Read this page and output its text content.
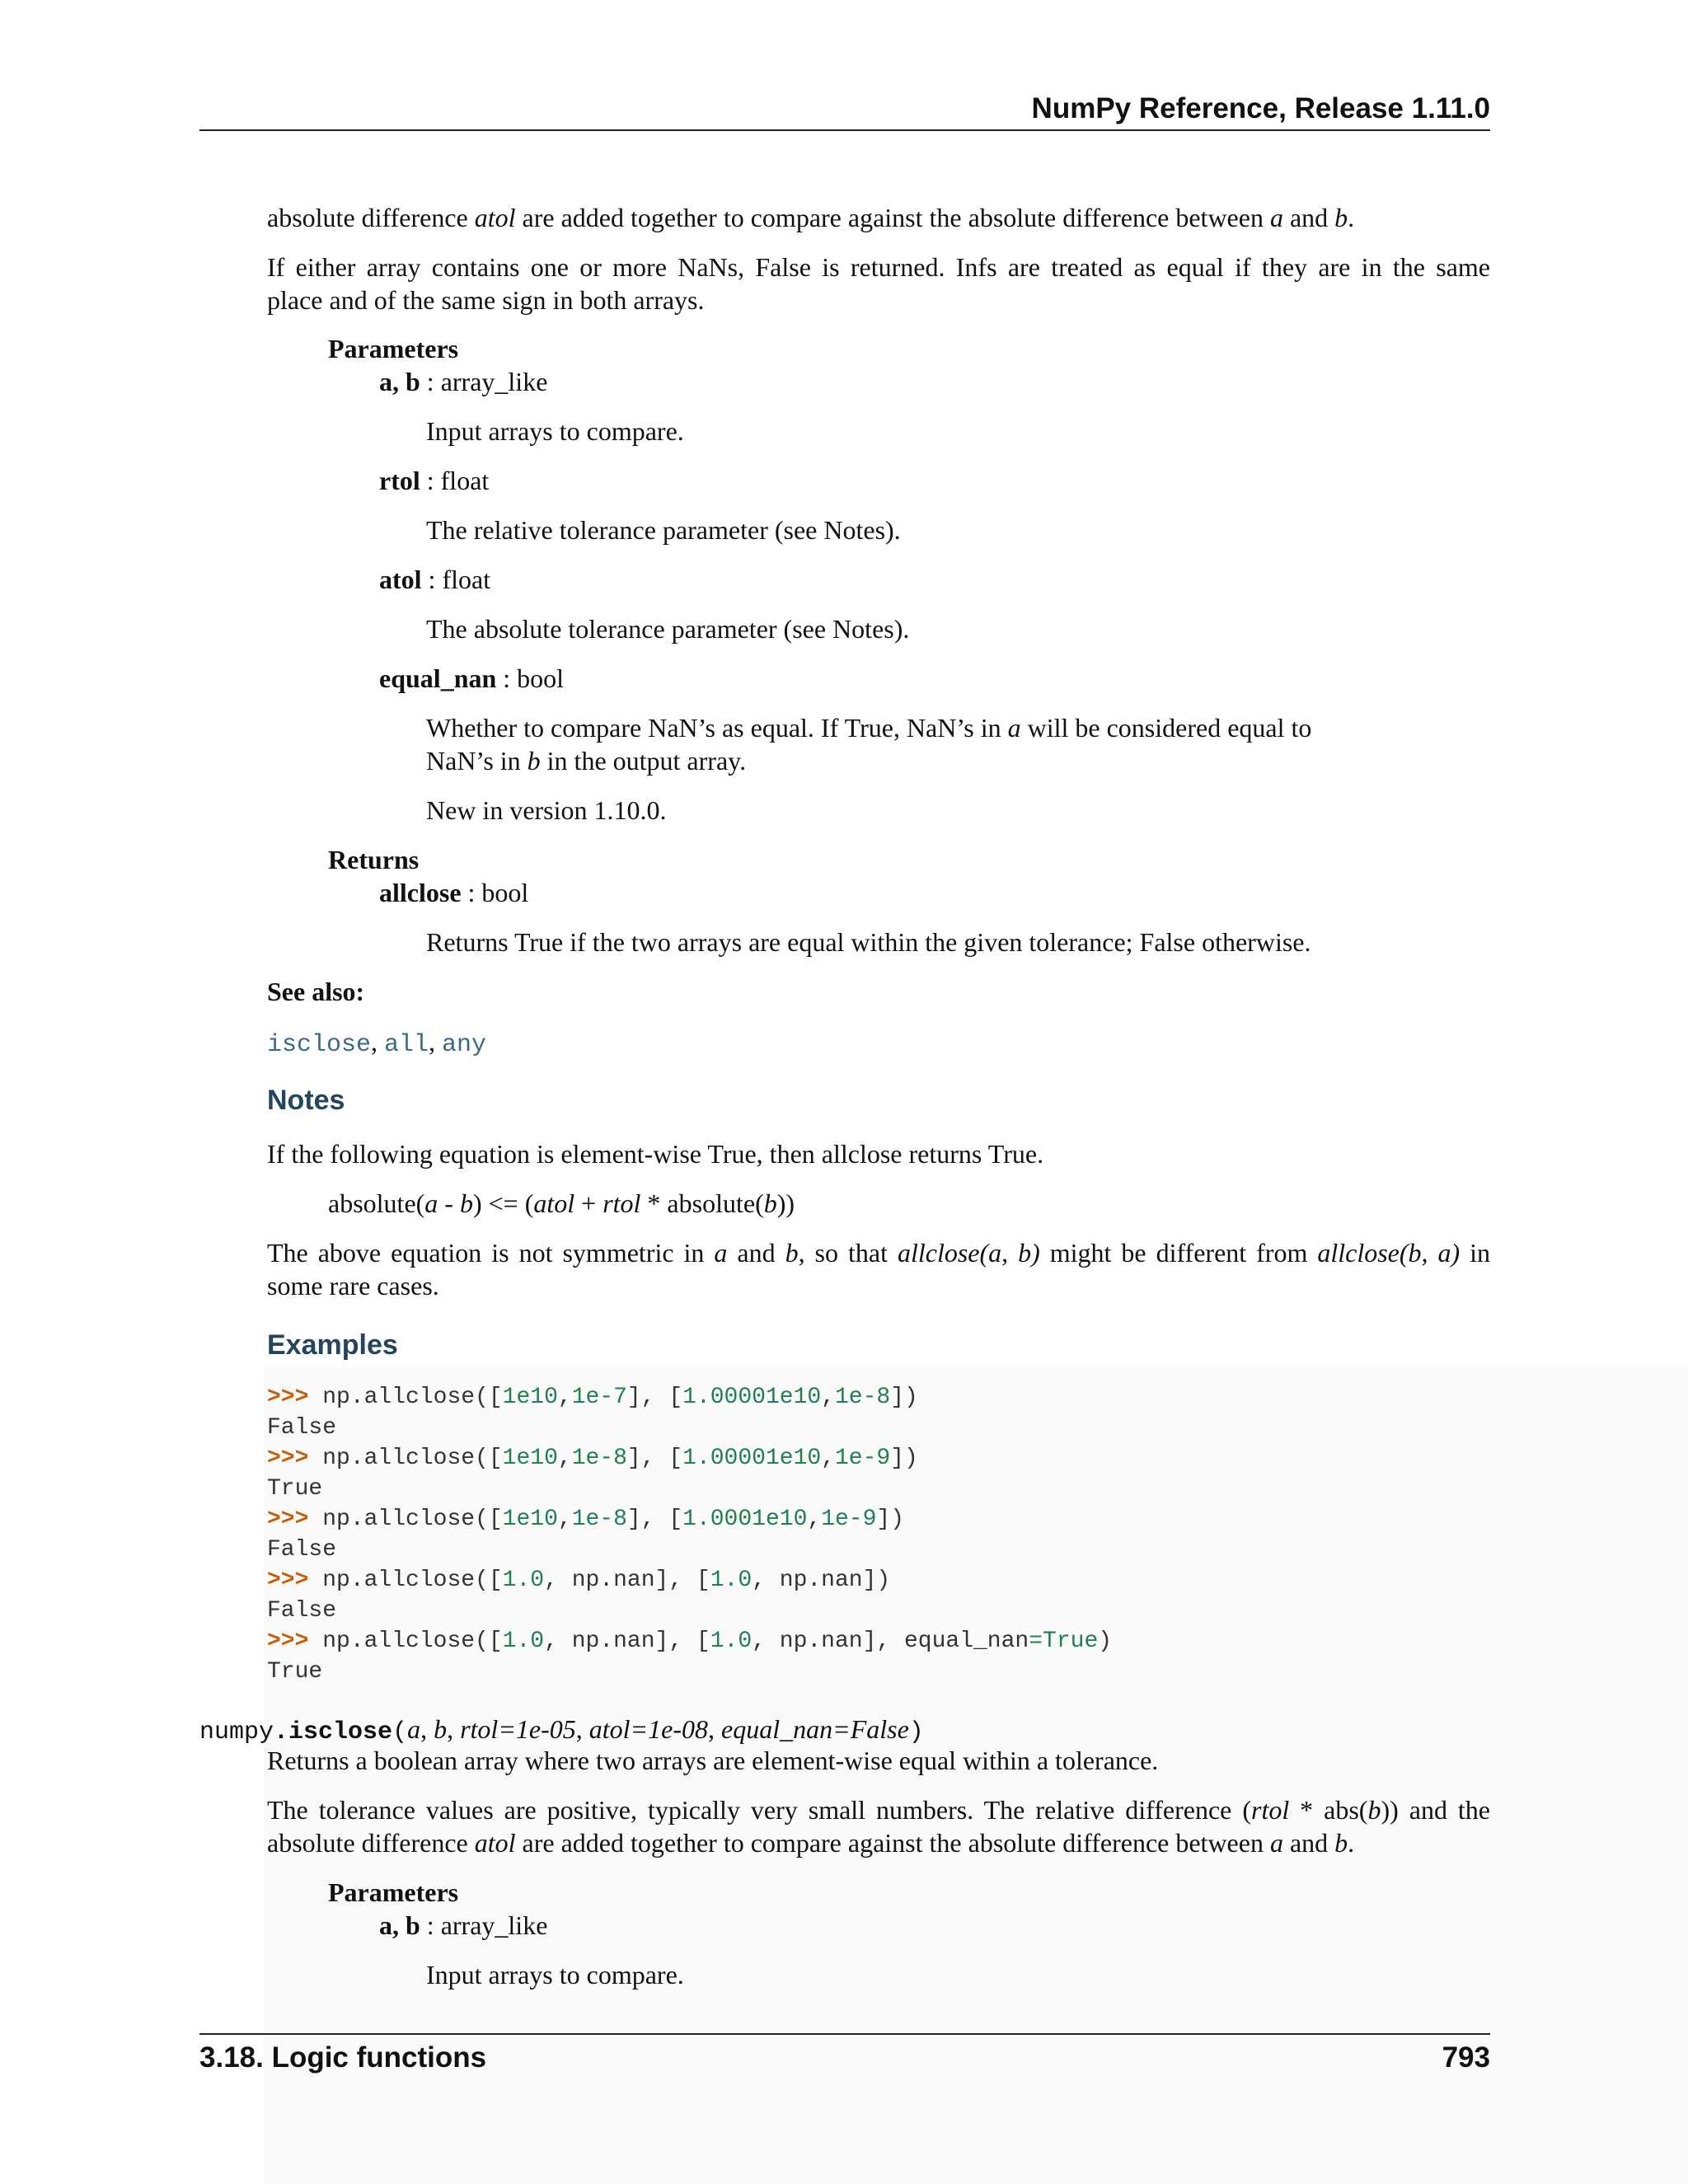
NumPy Reference, Release 1.11.0
absolute difference atol are added together to compare against the absolute difference between a and b.
If either array contains one or more NaNs, False is returned. Infs are treated as equal if they are in the same
place and of the same sign in both arrays.
Parameters
a, b : array_like
Input arrays to compare.
rtol : float
The relative tolerance parameter (see Notes).
atol : float
The absolute tolerance parameter (see Notes).
equal_nan : bool
Whether to compare NaN’s as equal. If True, NaN’s in a will be considered equal to
NaN’s in b in the output array.
New in version 1.10.0.
Returns
allclose : bool
Returns True if the two arrays are equal within the given tolerance; False otherwise.
See also:
isclose, all, any
Notes
If the following equation is element-wise True, then allclose returns True.
absolute(a - b) <= (atol + rtol * absolute(b))
The above equation is not symmetric in a and b, so that allclose(a, b) might be different from allclose(b, a) in
some rare cases.
Examples
>>> np.allclose([1e10,1e-7], [1.00001e10,1e-8])
False
>>> np.allclose([1e10,1e-8], [1.00001e10,1e-9])
True
>>> np.allclose([1e10,1e-8], [1.0001e10,1e-9])
False
>>> np.allclose([1.0, np.nan], [1.0, np.nan])
False
>>> np.allclose([1.0, np.nan], [1.0, np.nan], equal_nan=True)
True
numpy.isclose(a, b, rtol=1e-05, atol=1e-08, equal_nan=False)
Returns a boolean array where two arrays are element-wise equal within a tolerance.
The tolerance values are positive, typically very small numbers. The relative difference (rtol * abs(b)) and the
absolute difference atol are added together to compare against the absolute difference between a and b.
Parameters
a, b : array_like
Input arrays to compare.
3.18. Logic functions	793
